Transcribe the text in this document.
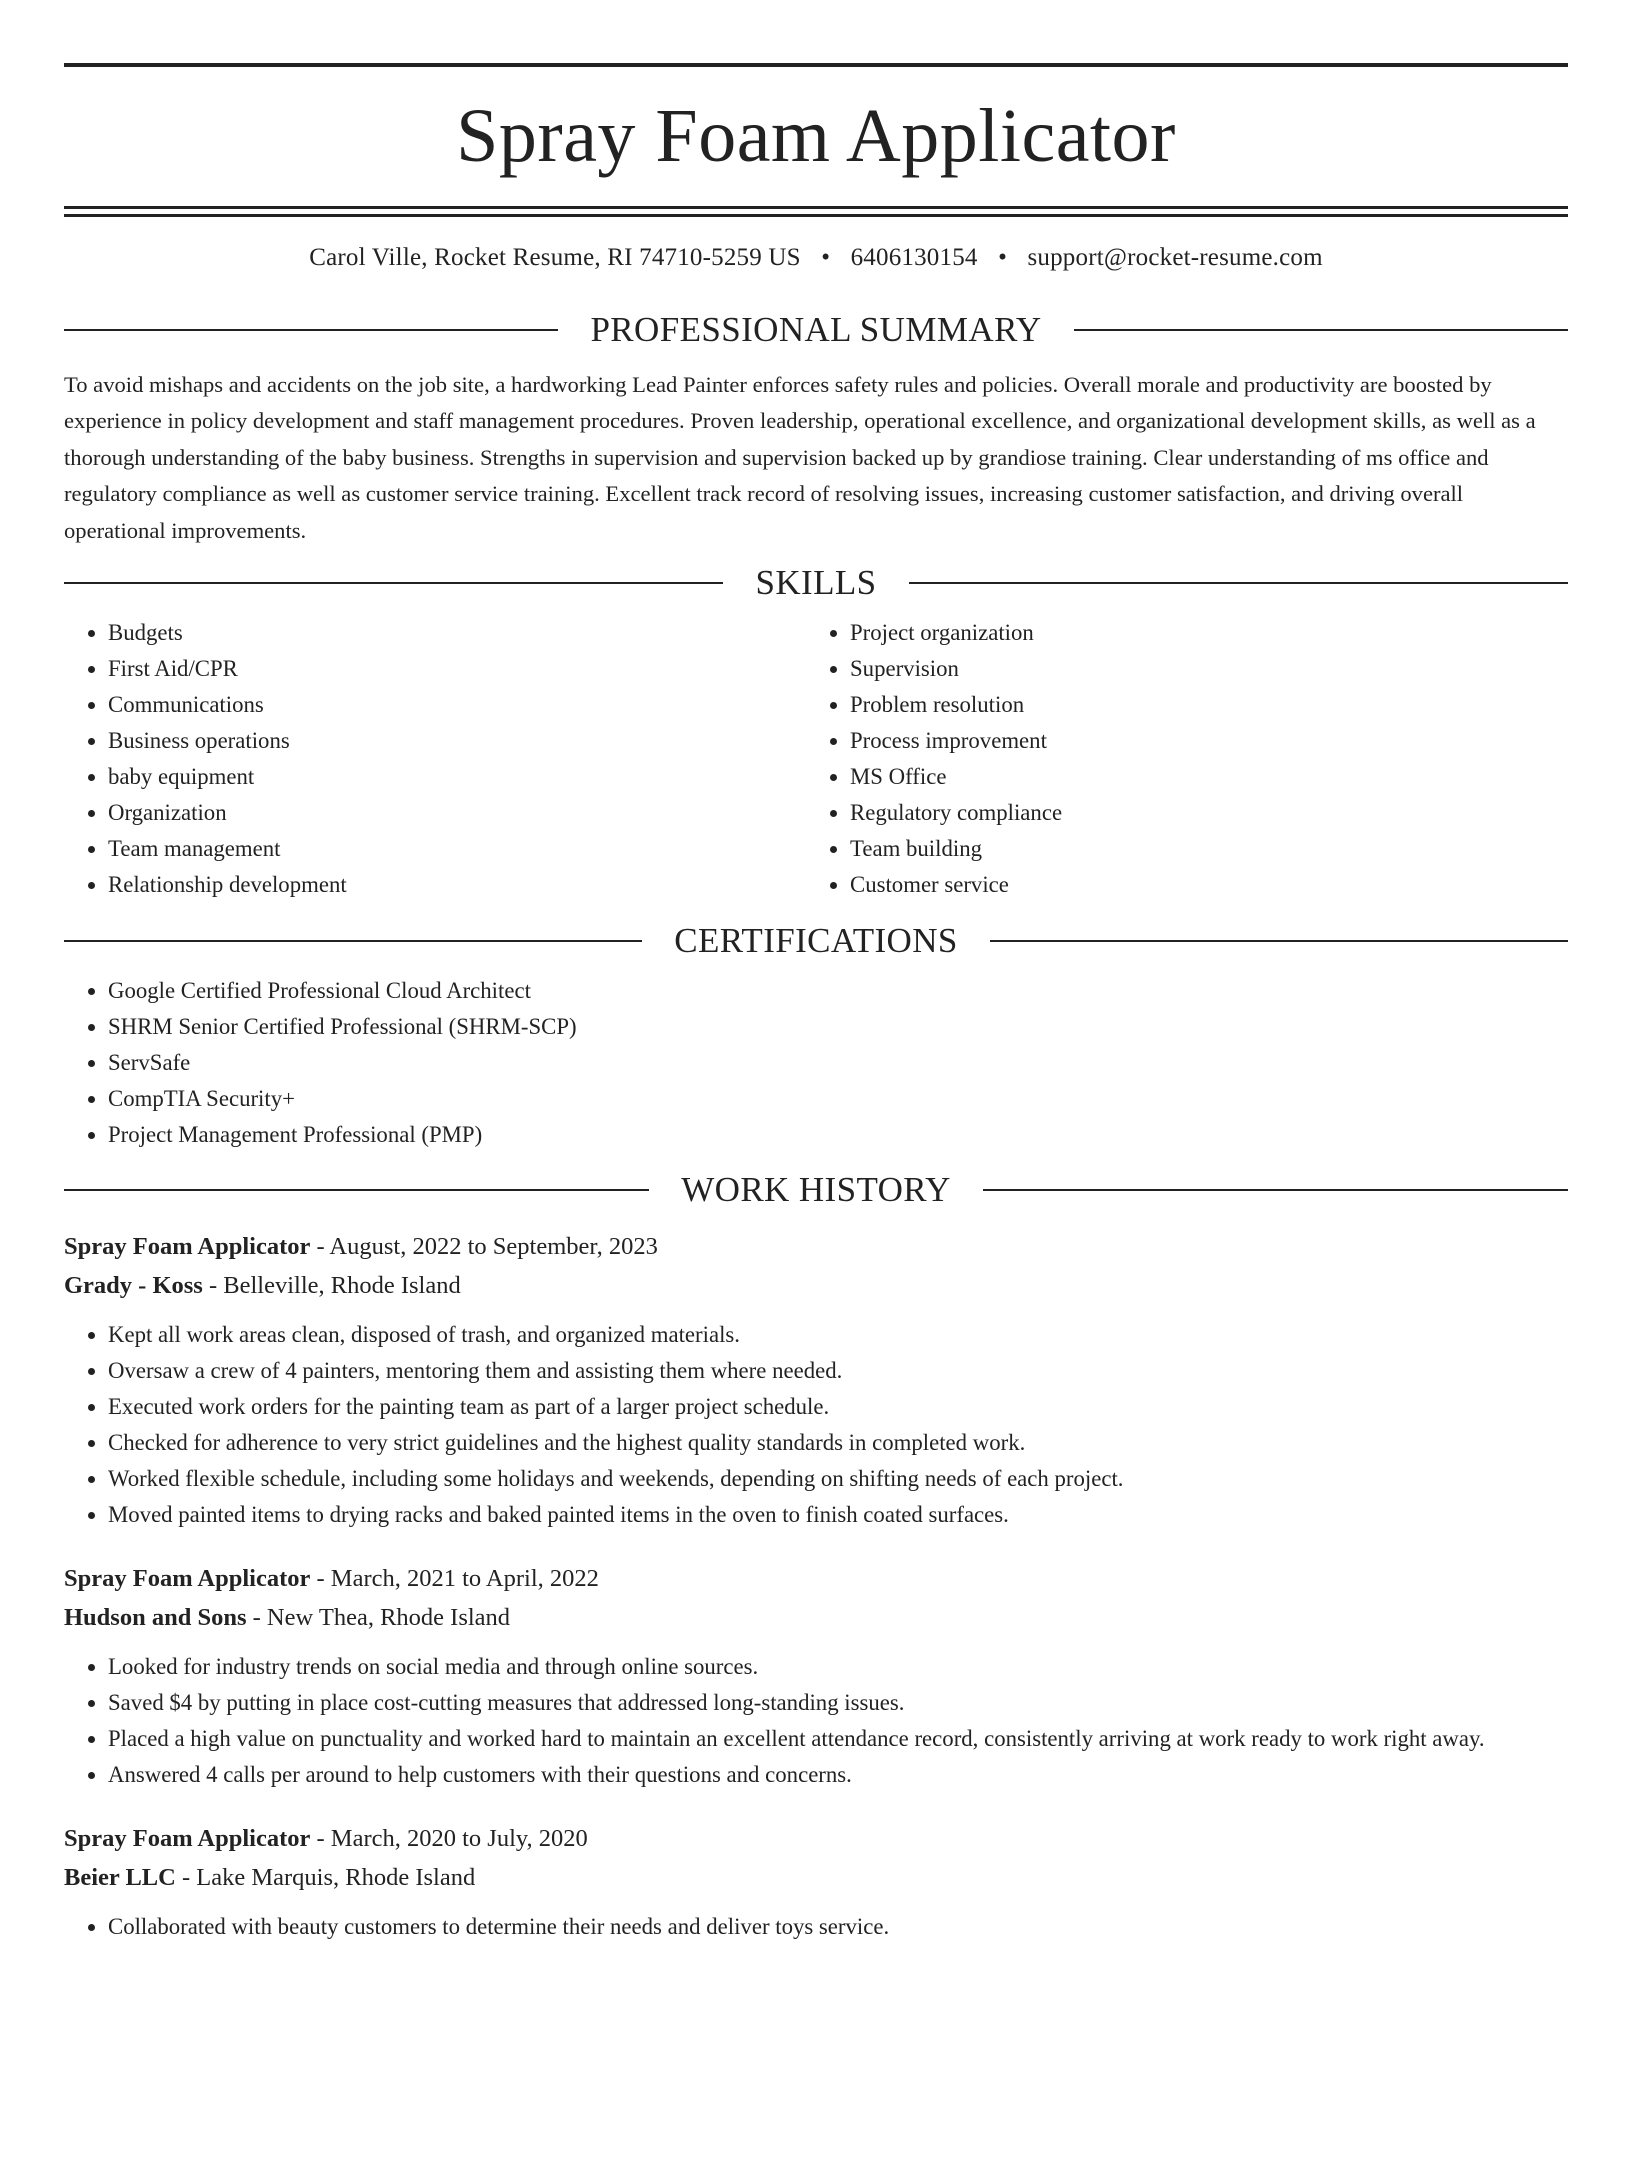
Spray Foam Applicator
Carol Ville, Rocket Resume, RI 74710-5259 US • 6406130154 • support@rocket-resume.com
PROFESSIONAL SUMMARY

To avoid mishaps and accidents on the job site, a hardworking Lead Painter enforces safety rules and policies. Overall morale and productivity are boosted by experience in policy development and staff management procedures. Proven leadership, operational excellence, and organizational development skills, as well as a thorough understanding of the baby business. Strengths in supervision and supervision backed up by grandiose training. Clear understanding of ms office and regulatory compliance as well as customer service training. Excellent track record of resolving issues, increasing customer satisfaction, and driving overall operational improvements.

SKILLS
• Budgets
• First Aid/CPR
• Communications
• Business operations
• baby equipment
• Organization
• Team management
• Relationship development
• Project organization
• Supervision
• Problem resolution
• Process improvement
• MS Office
• Regulatory compliance
• Team building
• Customer service
CERTIFICATIONS
• Google Certified Professional Cloud Architect
• SHRM Senior Certified Professional (SHRM-SCP)
• ServSafe
• CompTIA Security+
• Project Management Professional (PMP)
WORK HISTORY
Spray Foam Applicator - August, 2022 to September, 2023
Grady - Koss - Belleville, Rhode Island
• Kept all work areas clean, disposed of trash, and organized materials.
• Oversaw a crew of 4 painters, mentoring them and assisting them where needed.
• Executed work orders for the painting team as part of a larger project schedule.
• Checked for adherence to very strict guidelines and the highest quality standards in completed work.
• Worked flexible schedule, including some holidays and weekends, depending on shifting needs of each project.
• Moved painted items to drying racks and baked painted items in the oven to finish coated surfaces.
Spray Foam Applicator - March, 2021 to April, 2022
Hudson and Sons - New Thea, Rhode Island
• Looked for industry trends on social media and through online sources.
• Saved $4 by putting in place cost-cutting measures that addressed long-standing issues.
• Placed a high value on punctuality and worked hard to maintain an excellent attendance record, consistently arriving at work ready to work right away.
• Answered 4 calls per around to help customers with their questions and concerns.
Spray Foam Applicator - March, 2020 to July, 2020
Beier LLC - Lake Marquis, Rhode Island
• Collaborated with beauty customers to determine their needs and deliver toys service.
